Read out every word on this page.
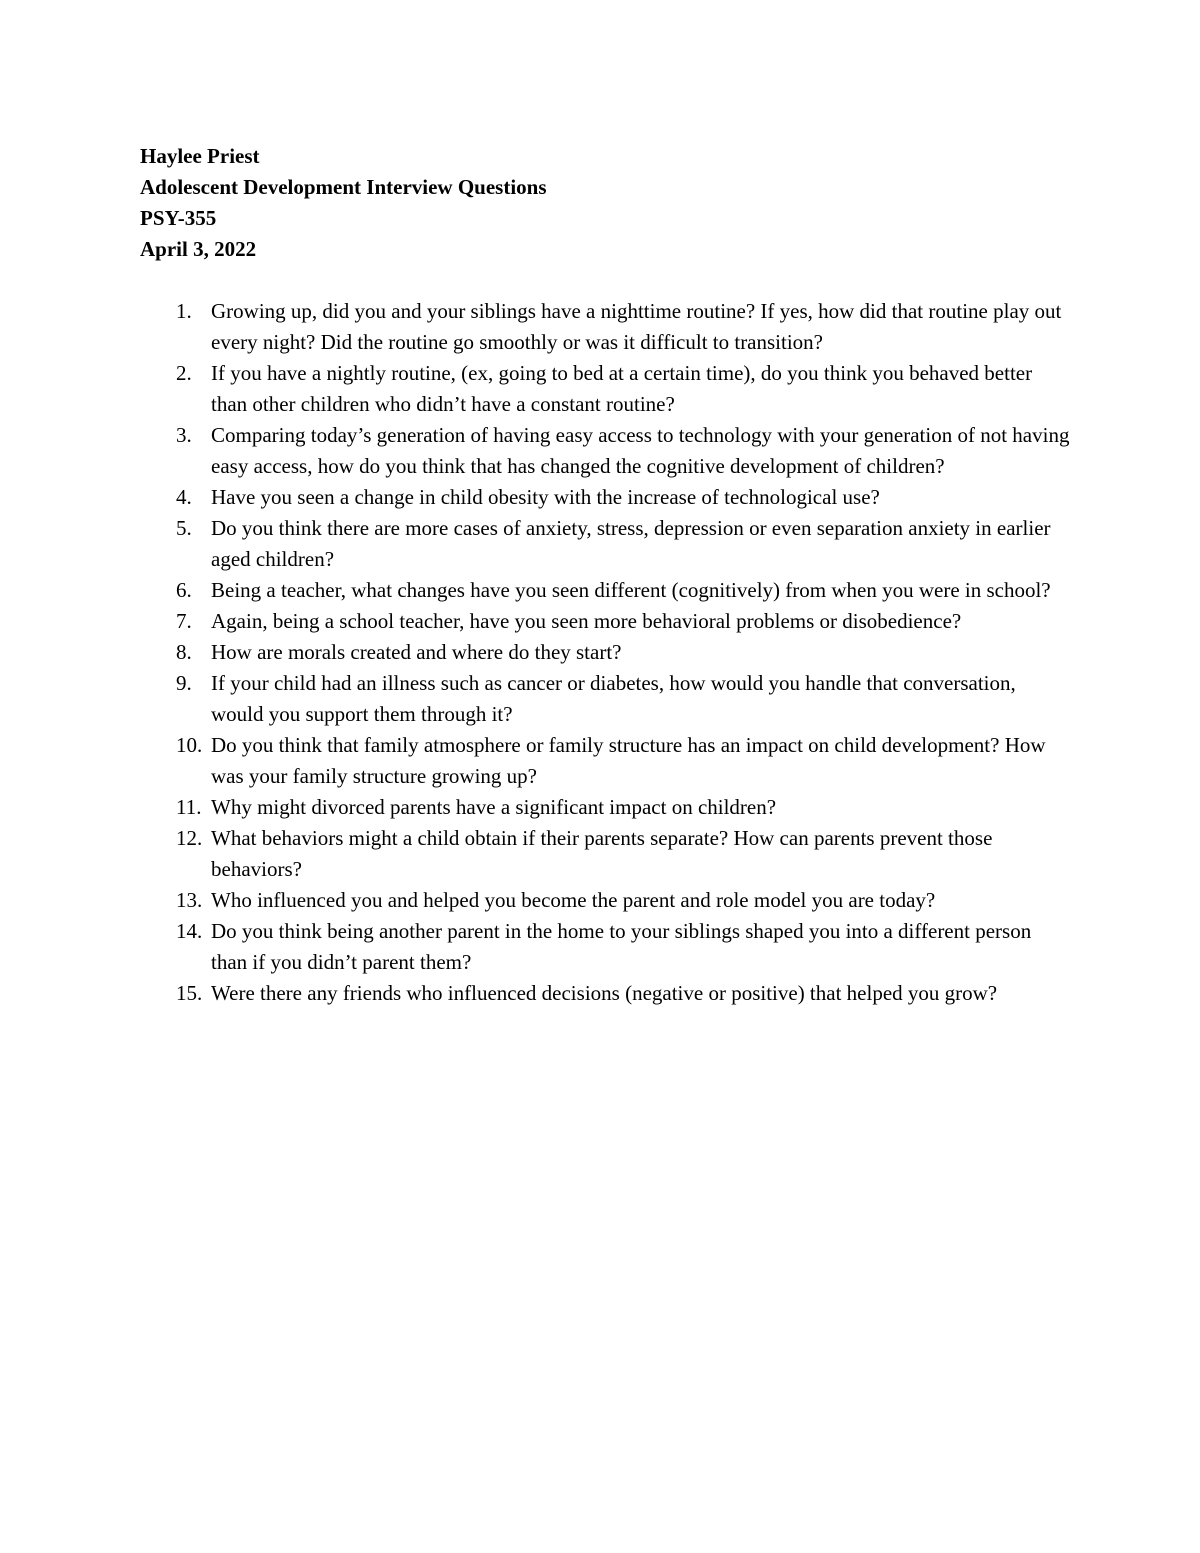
Haylee Priest
Adolescent Development Interview Questions
PSY-355
April 3, 2022
1. Growing up, did you and your siblings have a nighttime routine? If yes, how did that routine play out every night? Did the routine go smoothly or was it difficult to transition?
2. If you have a nightly routine, (ex, going to bed at a certain time), do you think you behaved better than other children who didn’t have a constant routine?
3. Comparing today’s generation of having easy access to technology with your generation of not having easy access, how do you think that has changed the cognitive development of children?
4. Have you seen a change in child obesity with the increase of technological use?
5. Do you think there are more cases of anxiety, stress, depression or even separation anxiety in earlier aged children?
6. Being a teacher, what changes have you seen different (cognitively) from when you were in school?
7. Again, being a school teacher, have you seen more behavioral problems or disobedience?
8. How are morals created and where do they start?
9. If your child had an illness such as cancer or diabetes, how would you handle that conversation, would you support them through it?
10. Do you think that family atmosphere or family structure has an impact on child development? How was your family structure growing up?
11. Why might divorced parents have a significant impact on children?
12. What behaviors might a child obtain if their parents separate? How can parents prevent those behaviors?
13. Who influenced you and helped you become the parent and role model you are today?
14. Do you think being another parent in the home to your siblings shaped you into a different person than if you didn’t parent them?
15. Were there any friends who influenced decisions (negative or positive) that helped you grow?
